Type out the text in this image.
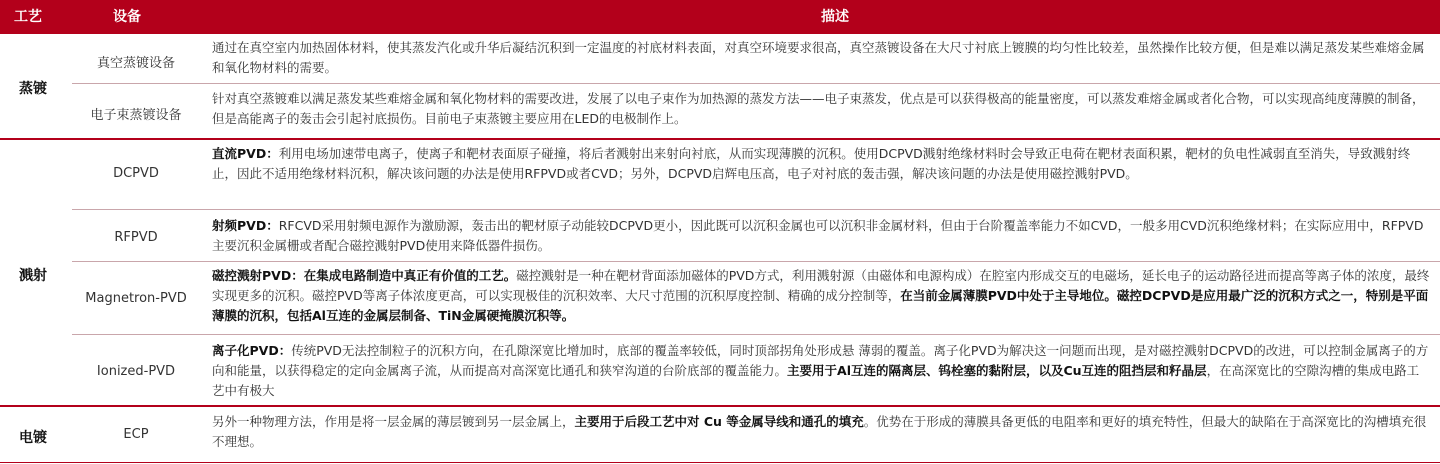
工艺	设备	描述
蒸镀
溅射
电镀
真空蒸镀设备
通过在真空室内加热固体材料，使其蒸发汽化或升华后凝结沉积到一定温度的衬底材料表面，对真空环境要求很高，真空蒸镀设备在大尺寸衬底上镀膜的均匀性比较差，虽然操作比较方便，但是难以满足蒸发某些难熔金属和氧化物材料的需要。
电子束蒸镀设备
针对真空蒸镀难以满足蒸发某些难熔金属和氧化物材料的需要改进，发展了以电子束作为加热源的蒸发方法——电子束蒸发，优点是可以获得极高的能量密度，可以蒸发难熔金属或者化合物，可以实现高纯度薄膜的制备，但是高能离子的轰击会引起衬底损伤。目前电子束蒸镀主要应用在LED的电极制作上。
DCPVD
直流PVD：利用电场加速带电离子，使离子和靶材表面原子碰撞，将后者溅射出来射向衬底，从而实现薄膜的沉积。使用DCPVD溅射绝缘材料时会导致正电荷在靶材表面积累，靶材的负电性减弱直至消失，导致溅射终止，因此不适用绝缘材料沉积，解决该问题的办法是使用RFPVD或者CVD；另外，DCPVD启辉电压高，电子对衬底的轰击强，解决该问题的办法是使用磁控溅射PVD。
RFPVD
射频PVD：RFCVD采用射频电源作为激励源，轰击出的靶材原子动能较DCPVD更小，因此既可以沉积金属也可以沉积非金属材料，但由于台阶覆盖率能力不如CVD，一般多用CVD沉积绝缘材料；在实际应用中，RFPVD主要沉积金属栅或者配合磁控溅射PVD使用来降低器件损伤。
Magnetron-PVD
磁控溅射PVD：在集成电路制造中真正有价值的工艺。磁控溅射是一种在靶材背面添加磁体的PVD方式，利用溅射源（由磁体和电源构成）在腔室内形成交互的电磁场，延长电子的运动路径进而提高等离子体的浓度，最终实现更多的沉积。磁控PVD等离子体浓度更高，可以实现极佳的沉积效率、大尺寸范围的沉积厚度控制、精确的成分控制等，在当前金属薄膜PVD中处于主导地位。磁控DCPVD是应用最广泛的沉积方式之一，特别是平面薄膜的沉积，包括Al互连的金属层制备、TiN金属硬掩膜沉积等。
Ionized-PVD
离子化PVD：传统PVD无法控制粒子的沉积方向，在孔隙深宽比增加时，底部的覆盖率较低，同时顶部拐角处形成悬 薄弱的覆盖。离子化PVD为解决这一问题而出现，是对磁控溅射DCPVD的改进，可以控制金属离子的方向和能量，以获得稳定的定向金属离子流，从而提高对高深宽比通孔和狭窄沟道的台阶底部的覆盖能力。主要用于Al互连的隔离层、钨栓塞的黏附层，以及Cu互连的阻挡层和籽晶层，在高深宽比的空隙沟槽的集成电路工艺中有极大
ECP
另外一种物理方法，作用是将一层金属的薄层镀到另一层金属上，主要用于后段工艺中对 Cu 等金属导线和通孔的填充。优势在于形成的薄膜具备更低的电阻率和更好的填充特性，但最大的缺陷在于高深宽比的沟槽填充很不理想。
